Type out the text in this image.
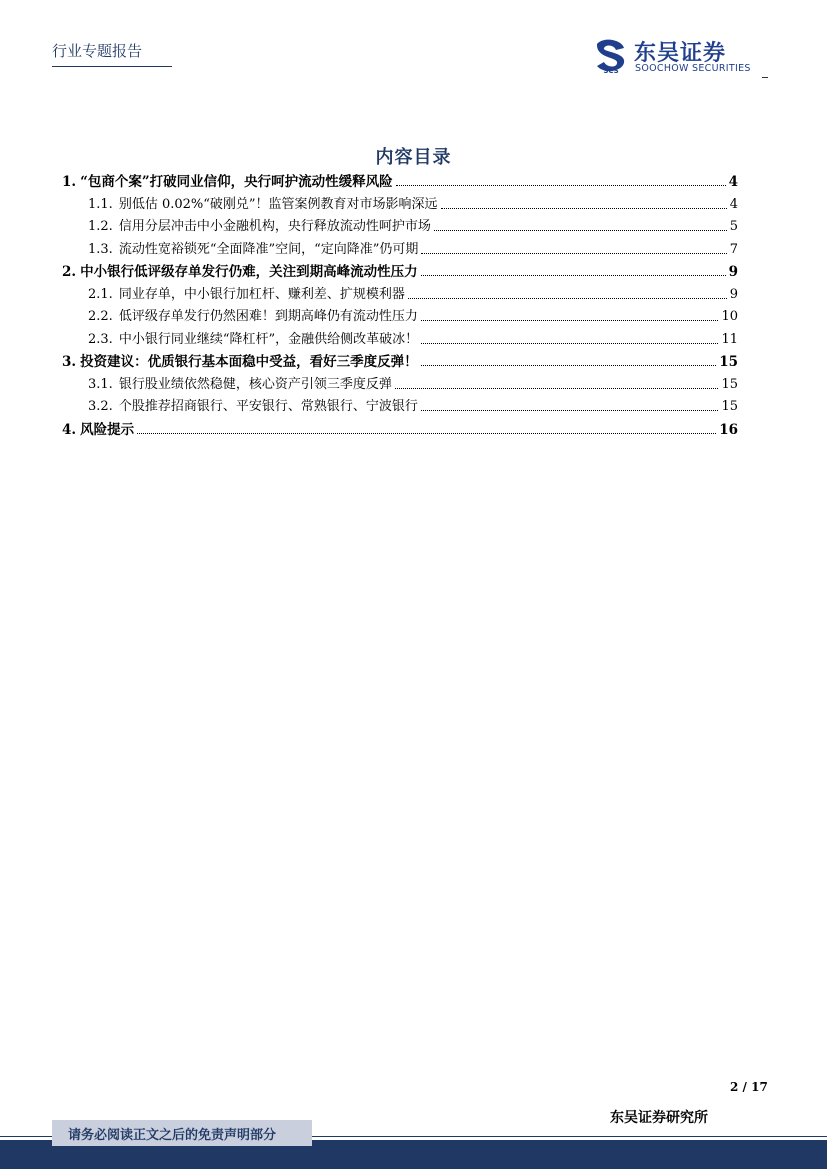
行业专题报告
SCS
东吴证券
SOOCHOW SECURITIES
内容目录
1. “包商个案”打破同业信仰，央行呵护流动性缓释风险	4
1.1. 别低估 0.02%“破刚兑”！监管案例教育对市场影响深远	4
1.2. 信用分层冲击中小金融机构，央行释放流动性呵护市场	5
1.3. 流动性宽裕锁死“全面降准”空间，“定向降准”仍可期	7
2. 中小银行低评级存单发行仍难，关注到期高峰流动性压力	9
2.1. 同业存单，中小银行加杠杆、赚利差、扩规模利器	9
2.2. 低评级存单发行仍然困难！到期高峰仍有流动性压力	10
2.3. 中小银行同业继续“降杠杆”，金融供给侧改革破冰！	11
3. 投资建议：优质银行基本面稳中受益，看好三季度反弹！	15
3.1. 银行股业绩依然稳健，核心资产引领三季度反弹	15
3.2. 个股推荐招商银行、平安银行、常熟银行、宁波银行	15
4. 风险提示	16
2 / 17
东吴证券研究所
请务必阅读正文之后的免责声明部分
